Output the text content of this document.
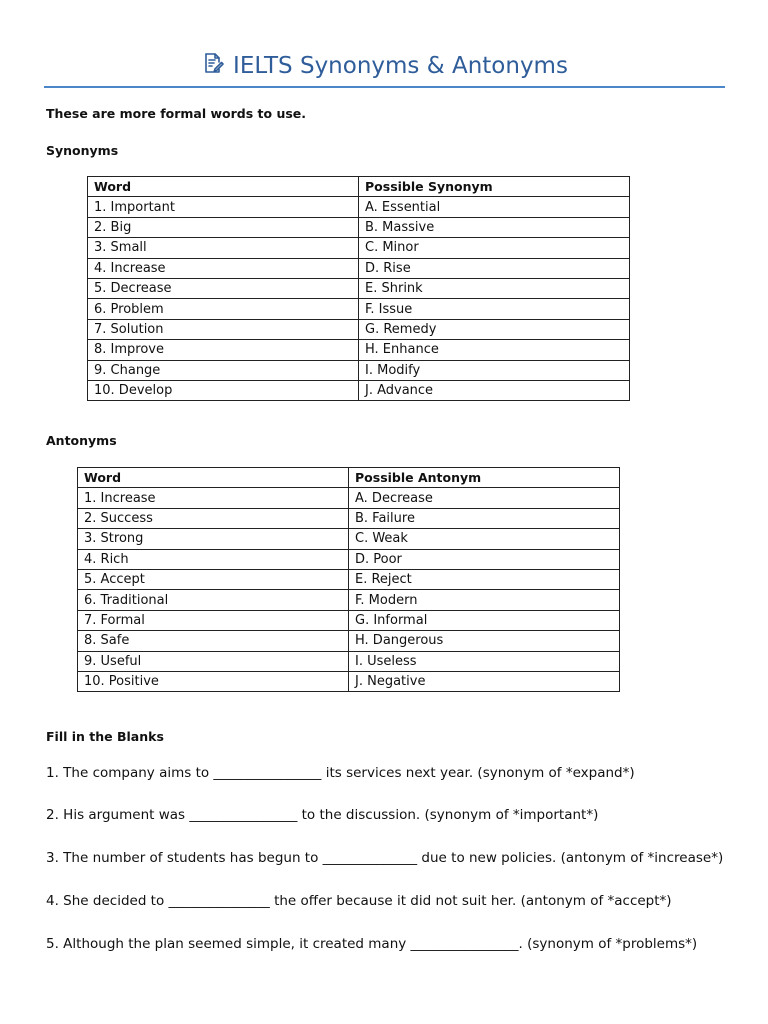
IELTS Synonyms & Antonyms
These are more formal words to use.
Synonyms
Word	Possible Synonym
1. Important	A. Essential
2. Big	B. Massive
3. Small	C. Minor
4. Increase	D. Rise
5. Decrease	E. Shrink
6. Problem	F. Issue
7. Solution	G. Remedy
8. Improve	H. Enhance
9. Change	I. Modify
10. Develop	J. Advance
Antonyms
Word	Possible Antonym
1. Increase	A. Decrease
2. Success	B. Failure
3. Strong	C. Weak
4. Rich	D. Poor
5. Accept	E. Reject
6. Traditional	F. Modern
7. Formal	G. Informal
8. Safe	H. Dangerous
9. Useful	I. Useless
10. Positive	J. Negative
Fill in the Blanks
1. The company aims to ________________ its services next year. (synonym of *expand*)
2. His argument was ________________ to the discussion. (synonym of *important*)
3. The number of students has begun to ______________ due to new policies. (antonym of *increase*)
4. She decided to _______________ the offer because it did not suit her. (antonym of *accept*)
5. Although the plan seemed simple, it created many ________________. (synonym of *problems*)
